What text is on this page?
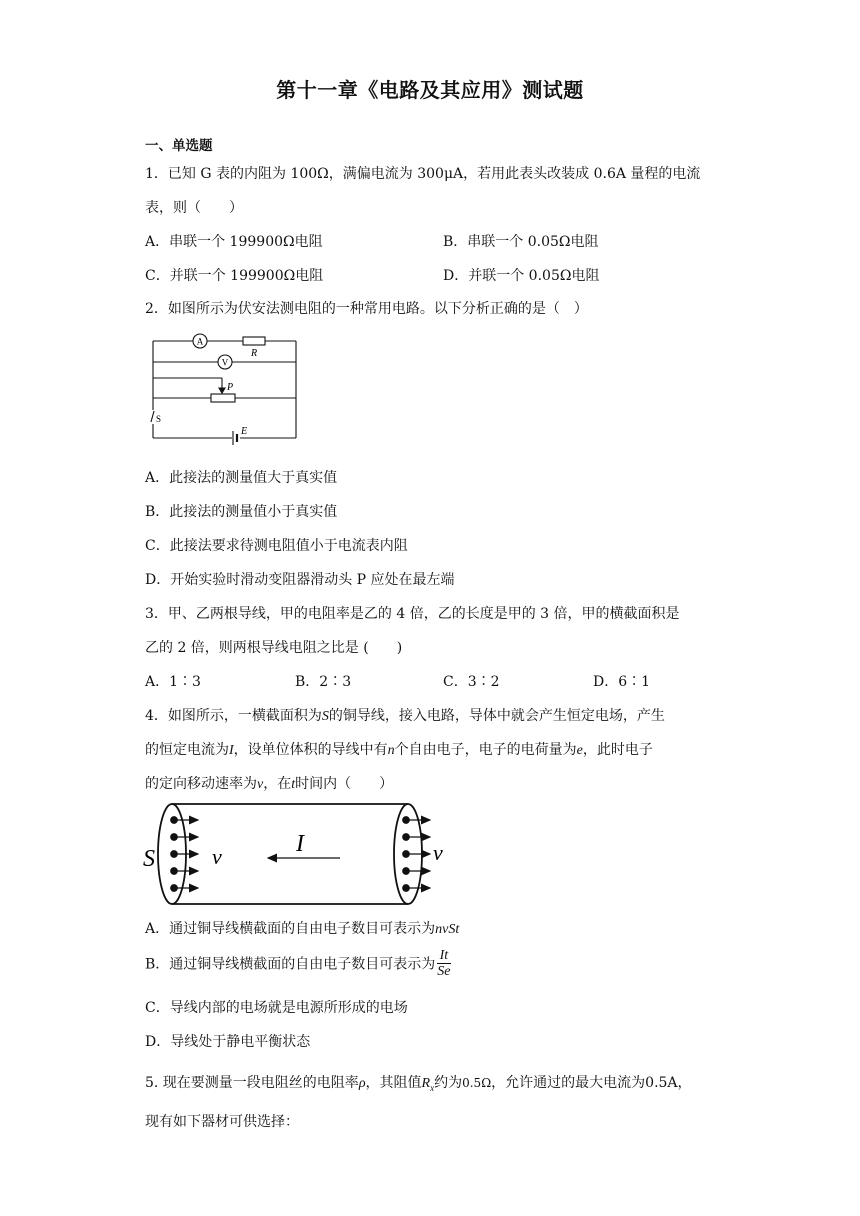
第十一章《电路及其应用》测试题
一、单选题
1．已知 G 表的内阻为 100Ω，满偏电流为 300μA，若用此表头改装成 0.6A 量程的电流
表，则（　　）
A．串联一个 199900Ω电阻	B．串联一个 0.05Ω电阻
C．并联一个 199900Ω电阻	D．并联一个 0.05Ω电阻
2．如图所示为伏安法测电阻的一种常用电路。以下分析正确的是（　）
A
V
R
P
S
E
A．此接法的测量值大于真实值
B．此接法的测量值小于真实值
C．此接法要求待测电阻值小于电流表内阻
D．开始实验时滑动变阻器滑动头 P 应处在最左端
3．甲、乙两根导线，甲的电阻率是乙的 4 倍，乙的长度是甲的 3 倍，甲的横截面积是
乙的 2 倍，则两根导线电阻之比是 (　　)
A．1∶3	B．2∶3	C．3∶2	D．6∶1
4．如图所示，一横截面积为S的铜导线，接入电路，导体中就会产生恒定电场，产生
的恒定电流为I，设单位体积的导线中有n个自由电子，电子的电荷量为e，此时电子
的定向移动速率为v，在t时间内（　　）
S	v	I	v
A．通过铜导线横截面的自由电子数目可表示为nvSt
B．通过铜导线横截面的自由电子数目可表示为 $\frac{It}{Se}$
C．导线内部的电场就是电源所形成的电场
D．导线处于静电平衡状态
5. 现在要测量一段电阻丝的电阻率ρ，其阻值$R_x$约为0.5Ω，允许通过的最大电流为0.5A，
现有如下器材可供选择：
